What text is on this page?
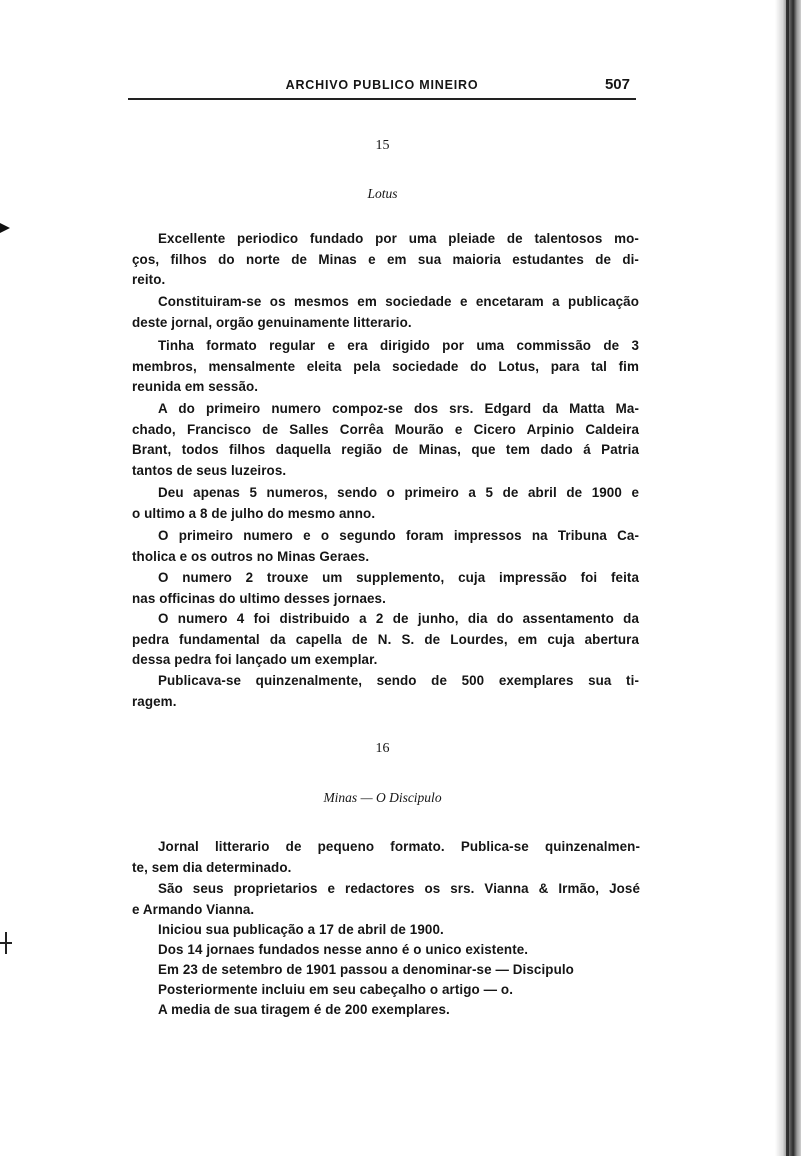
ARCHIVO PUBLICO MINEIRO	507
15
Lotus
Excellente periodico fundado por uma pleiade de talentosos mo-
ços, filhos do norte de Minas e em sua maioria estudantes de di-
reito.
Constituiram-se os mesmos em sociedade e encetaram a publicação
deste jornal, orgão genuinamente litterario.
Tinha formato regular e era dirigido por uma commissão de 3
membros, mensalmente eleita pela sociedade do Lotus, para tal fim
reunida em sessão.
A do primeiro numero compoz-se dos srs. Edgard da Matta Ma-
chado, Francisco de Salles Corrêa Mourão e Cicero Arpinio Caldeira
Brant, todos filhos daquella região de Minas, que tem dado á Patria
tantos de seus luzeiros.
Deu apenas 5 numeros, sendo o primeiro a 5 de abril de 1900 e
o ultimo a 8 de julho do mesmo anno.
O primeiro numero e o segundo foram impressos na Tribuna Ca-
tholica e os outros no Minas Geraes.
O numero 2 trouxe um supplemento, cuja impressão foi feita
nas officinas do ultimo desses jornaes.
O numero 4 foi distribuido a 2 de junho, dia do assentamento da
pedra fundamental da capella de N. S. de Lourdes, em cuja abertura
dessa pedra foi lançado um exemplar.
Publicava-se quinzenalmente, sendo de 500 exemplares sua ti-
ragem.
16
Minas — O Discipulo
Jornal litterario de pequeno formato. Publica-se quinzenalmen-
te, sem dia determinado.
São seus proprietarios e redactores os srs. Vianna & Irmão, José
e Armando Vianna.
Iniciou sua publicação a 17 de abril de 1900.
Dos 14 jornaes fundados nesse anno é o unico existente.
Em 23 de setembro de 1901 passou a denominar-se — Discipulo
Posteriormente incluiu em seu cabeçalho o artigo — o.
A media de sua tiragem é de 200 exemplares.
